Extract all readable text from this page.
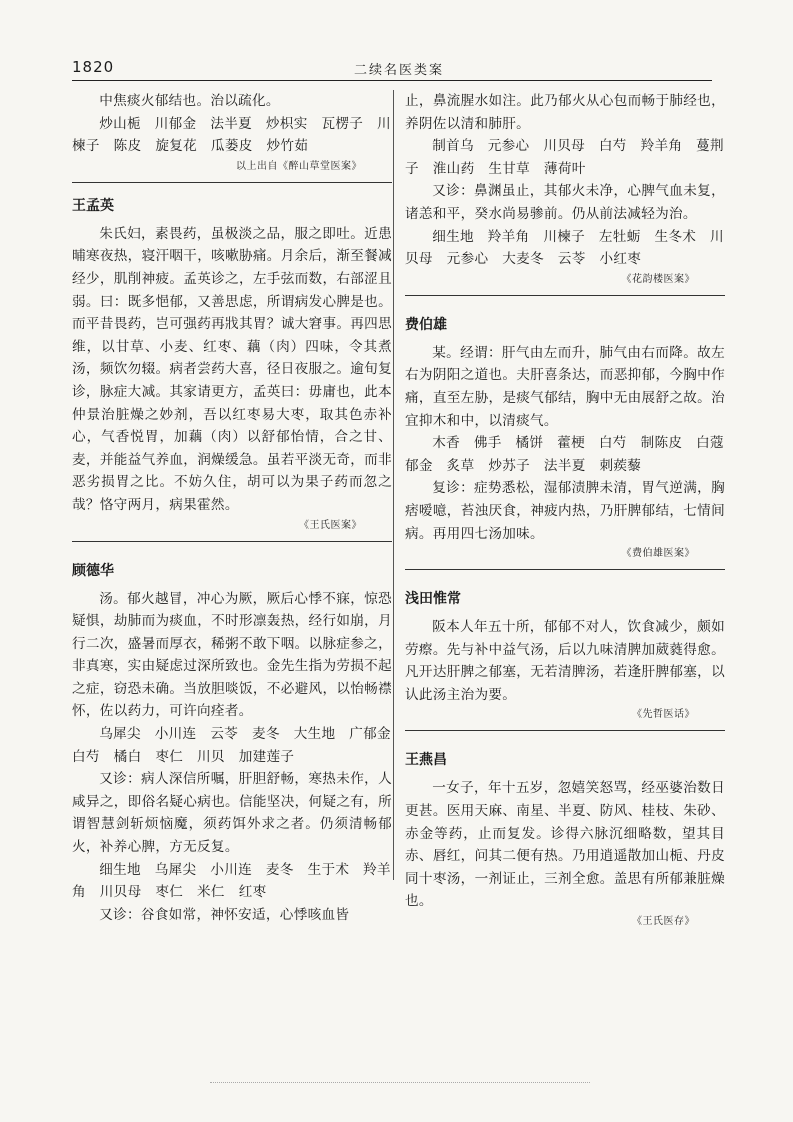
1820	二续名医类案

中焦痰火郁结也。治以疏化。

炒山栀　川郁金　法半夏　炒枳实　瓦楞子　川楝子　陈皮　旋复花　瓜蒌皮　炒竹茹

以上出自《醉山草堂医案》

王孟英

朱氏妇，素畏药，虽极淡之品，服之即吐。近患晡寒夜热，寝汗咽干，咳嗽胁痛。月余后，渐至餐减经少，肌削神疲。孟英诊之，左手弦而数，右部涩且弱。曰：既多悒郁，又善思虑，所谓病发心脾是也。而平昔畏药，岂可强药再戕其胃？诚大窘事。再四思维，以甘草、小麦、红枣、藕（肉）四味，令其煮汤，频饮勿辍。病者尝药大喜，径日夜服之。逾旬复诊，脉症大减。其家请更方，孟英曰：毋庸也，此本仲景治脏燥之妙剂，吾以红枣易大枣，取其色赤补心，气香悦胃，加藕（肉）以舒郁怡情，合之甘、麦，并能益气养血，润燥缓急。虽若平淡无奇，而非恶劣损胃之比。不妨久住，胡可以为果子药而忽之哉？恪守两月，病果霍然。

《王氏医案》

顾德华

汤。郁火越冒，冲心为厥，厥后心悸不寐，惊恐疑惧，劫肺而为痰血，不时形凛轰热，经行如崩，月行二次，盛暑而厚衣，稀粥不敢下咽。以脉症参之，非真寒，实由疑虑过深所致也。金先生指为劳损不起之症，窃恐未确。当放胆啖饭，不必避风，以怡畅襟怀，佐以药力，可许向痊者。

乌犀尖　小川连　云苓　麦冬　大生地　广郁金　白芍　橘白　枣仁　川贝　加建莲子

又诊：病人深信所嘱，肝胆舒畅，寒热未作，人咸异之，即俗名疑心病也。信能坚决，何疑之有，所谓智慧剑斩烦恼魔，须药饵外求之者。仍须清畅郁火，补养心脾，方无反复。

细生地　乌犀尖　小川连　麦冬　生于术　羚羊角　川贝母　枣仁　米仁　红枣

又诊：谷食如常，神怀安适，心悸咳血皆

止，鼻流腥水如注。此乃郁火从心包而畅于肺经也，养阴佐以清和肺肝。

制首乌　元参心　川贝母　白芍　羚羊角　蔓荆子　淮山药　生甘草　薄荷叶

又诊：鼻渊虽止，其郁火未净，心脾气血未复，诸恙和平，癸水尚易骖前。仍从前法减轻为治。

细生地　羚羊角　川楝子　左牡蛎　生冬术　川贝母　元参心　大麦冬　云苓　小红枣

《花韵楼医案》

费伯雄

某。经谓：肝气由左而升，肺气由右而降。故左右为阴阳之道也。夫肝喜条达，而恶抑郁，今胸中作痛，直至左胁，是痰气郁结，胸中无由展舒之故。治宜抑木和中，以清痰气。

木香　佛手　橘饼　藿梗　白芍　制陈皮　白蔻　郁金　炙草　炒苏子　法半夏　刺蒺藜

复诊：症势悉松，湿郁渍脾未清，胃气逆满，胸痞嗳噫，苔浊厌食，神疲内热，乃肝脾郁结，七情间病。再用四七汤加味。

《费伯雄医案》

浅田惟常

阪本人年五十所，郁郁不对人，饮食减少，颇如劳瘵。先与补中益气汤，后以九味清脾加葳蕤得愈。凡开达肝脾之郁塞，无若清脾汤，若逢肝脾郁塞，以认此汤主治为要。

《先哲医话》

王燕昌

一女子，年十五岁，忽嬉笑怒骂，经巫婆治数日更甚。医用天麻、南星、半夏、防风、桂枝、朱砂、赤金等药，止而复发。诊得六脉沉细略数，望其目赤、唇红，问其二便有热。乃用逍遥散加山栀、丹皮同十枣汤，一剂证止，三剂全愈。盖思有所郁兼脏燥也。

《王氏医存》
